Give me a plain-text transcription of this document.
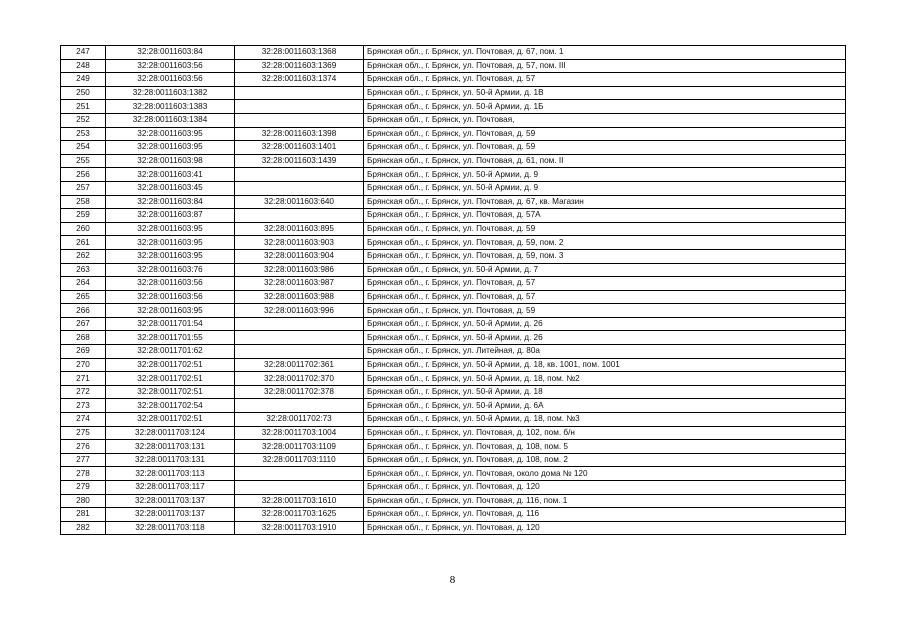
247	32:28:0011603:84	32:28:0011603:1368	Брянская обл., г. Брянск, ул. Почтовая, д. 67, пом. 1
248	32:28:0011603:56	32:28:0011603:1369	Брянская обл., г. Брянск, ул. Почтовая, д. 57, пом. III
249	32:28:0011603:56	32:28:0011603:1374	Брянская обл., г. Брянск, ул. Почтовая, д. 57
250	32:28:0011603:1382		Брянская обл., г. Брянск, ул. 50-й Армии, д. 1В
251	32:28:0011603:1383		Брянская обл., г. Брянск, ул. 50-й Армии, д. 1Б
252	32:28:0011603:1384		Брянская обл., г. Брянск, ул. Почтовая,
253	32:28:0011603:95	32:28:0011603:1398	Брянская обл., г. Брянск, ул. Почтовая, д. 59
254	32:28:0011603:95	32:28:0011603:1401	Брянская обл., г. Брянск, ул. Почтовая, д. 59
255	32:28:0011603:98	32:28:0011603:1439	Брянская обл., г. Брянск, ул. Почтовая, д. 61, пом. II
256	32:28:0011603:41		Брянская обл., г. Брянск, ул. 50-й Армии, д. 9
257	32:28:0011603:45		Брянская обл., г. Брянск, ул. 50-й Армии, д. 9
258	32:28:0011603:84	32:28:0011603:640	Брянская обл., г. Брянск, ул. Почтовая, д. 67, кв. Магазин
259	32:28:0011603:87		Брянская обл., г. Брянск, ул. Почтовая, д. 57А
260	32:28:0011603:95	32:28:0011603:895	Брянская обл., г. Брянск, ул. Почтовая, д. 59
261	32:28:0011603:95	32:28:0011603:903	Брянская обл., г. Брянск, ул. Почтовая, д. 59, пом. 2
262	32:28:0011603:95	32:28:0011603:904	Брянская обл., г. Брянск, ул. Почтовая, д. 59, пом. 3
263	32:28:0011603:76	32:28:0011603:986	Брянская обл., г. Брянск, ул. 50-й Армии, д. 7
264	32:28:0011603:56	32:28:0011603:987	Брянская обл., г. Брянск, ул. Почтовая, д. 57
265	32:28:0011603:56	32:28:0011603:988	Брянская обл., г. Брянск, ул. Почтовая, д. 57
266	32:28:0011603:95	32:28:0011603:996	Брянская обл., г. Брянск, ул. Почтовая, д. 59
267	32:28:0011701:54		Брянская обл., г. Брянск, ул. 50-й Армии, д. 26
268	32:28:0011701:55		Брянская обл., г. Брянск, ул. 50-й Армии, д. 26
269	32:28:0011701:62		Брянская обл., г. Брянск, ул. Литейная, д. 80а
270	32:28:0011702:51	32:28:0011702:361	Брянская обл., г. Брянск, ул. 50-й Армии, д. 18, кв. 1001, пом. 1001
271	32:28:0011702:51	32:28:0011702:370	Брянская обл., г. Брянск, ул. 50-й Армии, д. 18, пом. №2
272	32:28:0011702:51	32:28:0011702:378	Брянская обл., г. Брянск, ул. 50-й Армии, д. 18
273	32:28:0011702:54		Брянская обл., г. Брянск, ул. 50-й Армии, д. 6А
274	32:28:0011702:51	32:28:0011702:73	Брянская обл., г. Брянск, ул. 50-й Армии, д. 18, пом. №3
275	32:28:0011703:124	32:28:0011703:1004	Брянская обл., г. Брянск, ул. Почтовая, д. 102, пом. б/н
276	32:28:0011703:131	32:28:0011703:1109	Брянская обл., г. Брянск, ул. Почтовая, д. 108, пом. 5
277	32:28:0011703:131	32:28:0011703:1110	Брянская обл., г. Брянск, ул. Почтовая, д. 108, пом. 2
278	32:28:0011703:113		Брянская обл., г. Брянск, ул. Почтовая, около дома № 120
279	32:28:0011703:117		Брянская обл., г. Брянск, ул. Почтовая, д. 120
280	32:28:0011703:137	32:28:0011703:1610	Брянская обл., г. Брянск, ул. Почтовая, д. 116, пом. 1
281	32:28:0011703:137	32:28:0011703:1625	Брянская обл., г. Брянск, ул. Почтовая, д. 116
282	32:28:0011703:118	32:28:0011703:1910	Брянская обл., г. Брянск, ул. Почтовая, д. 120
8
